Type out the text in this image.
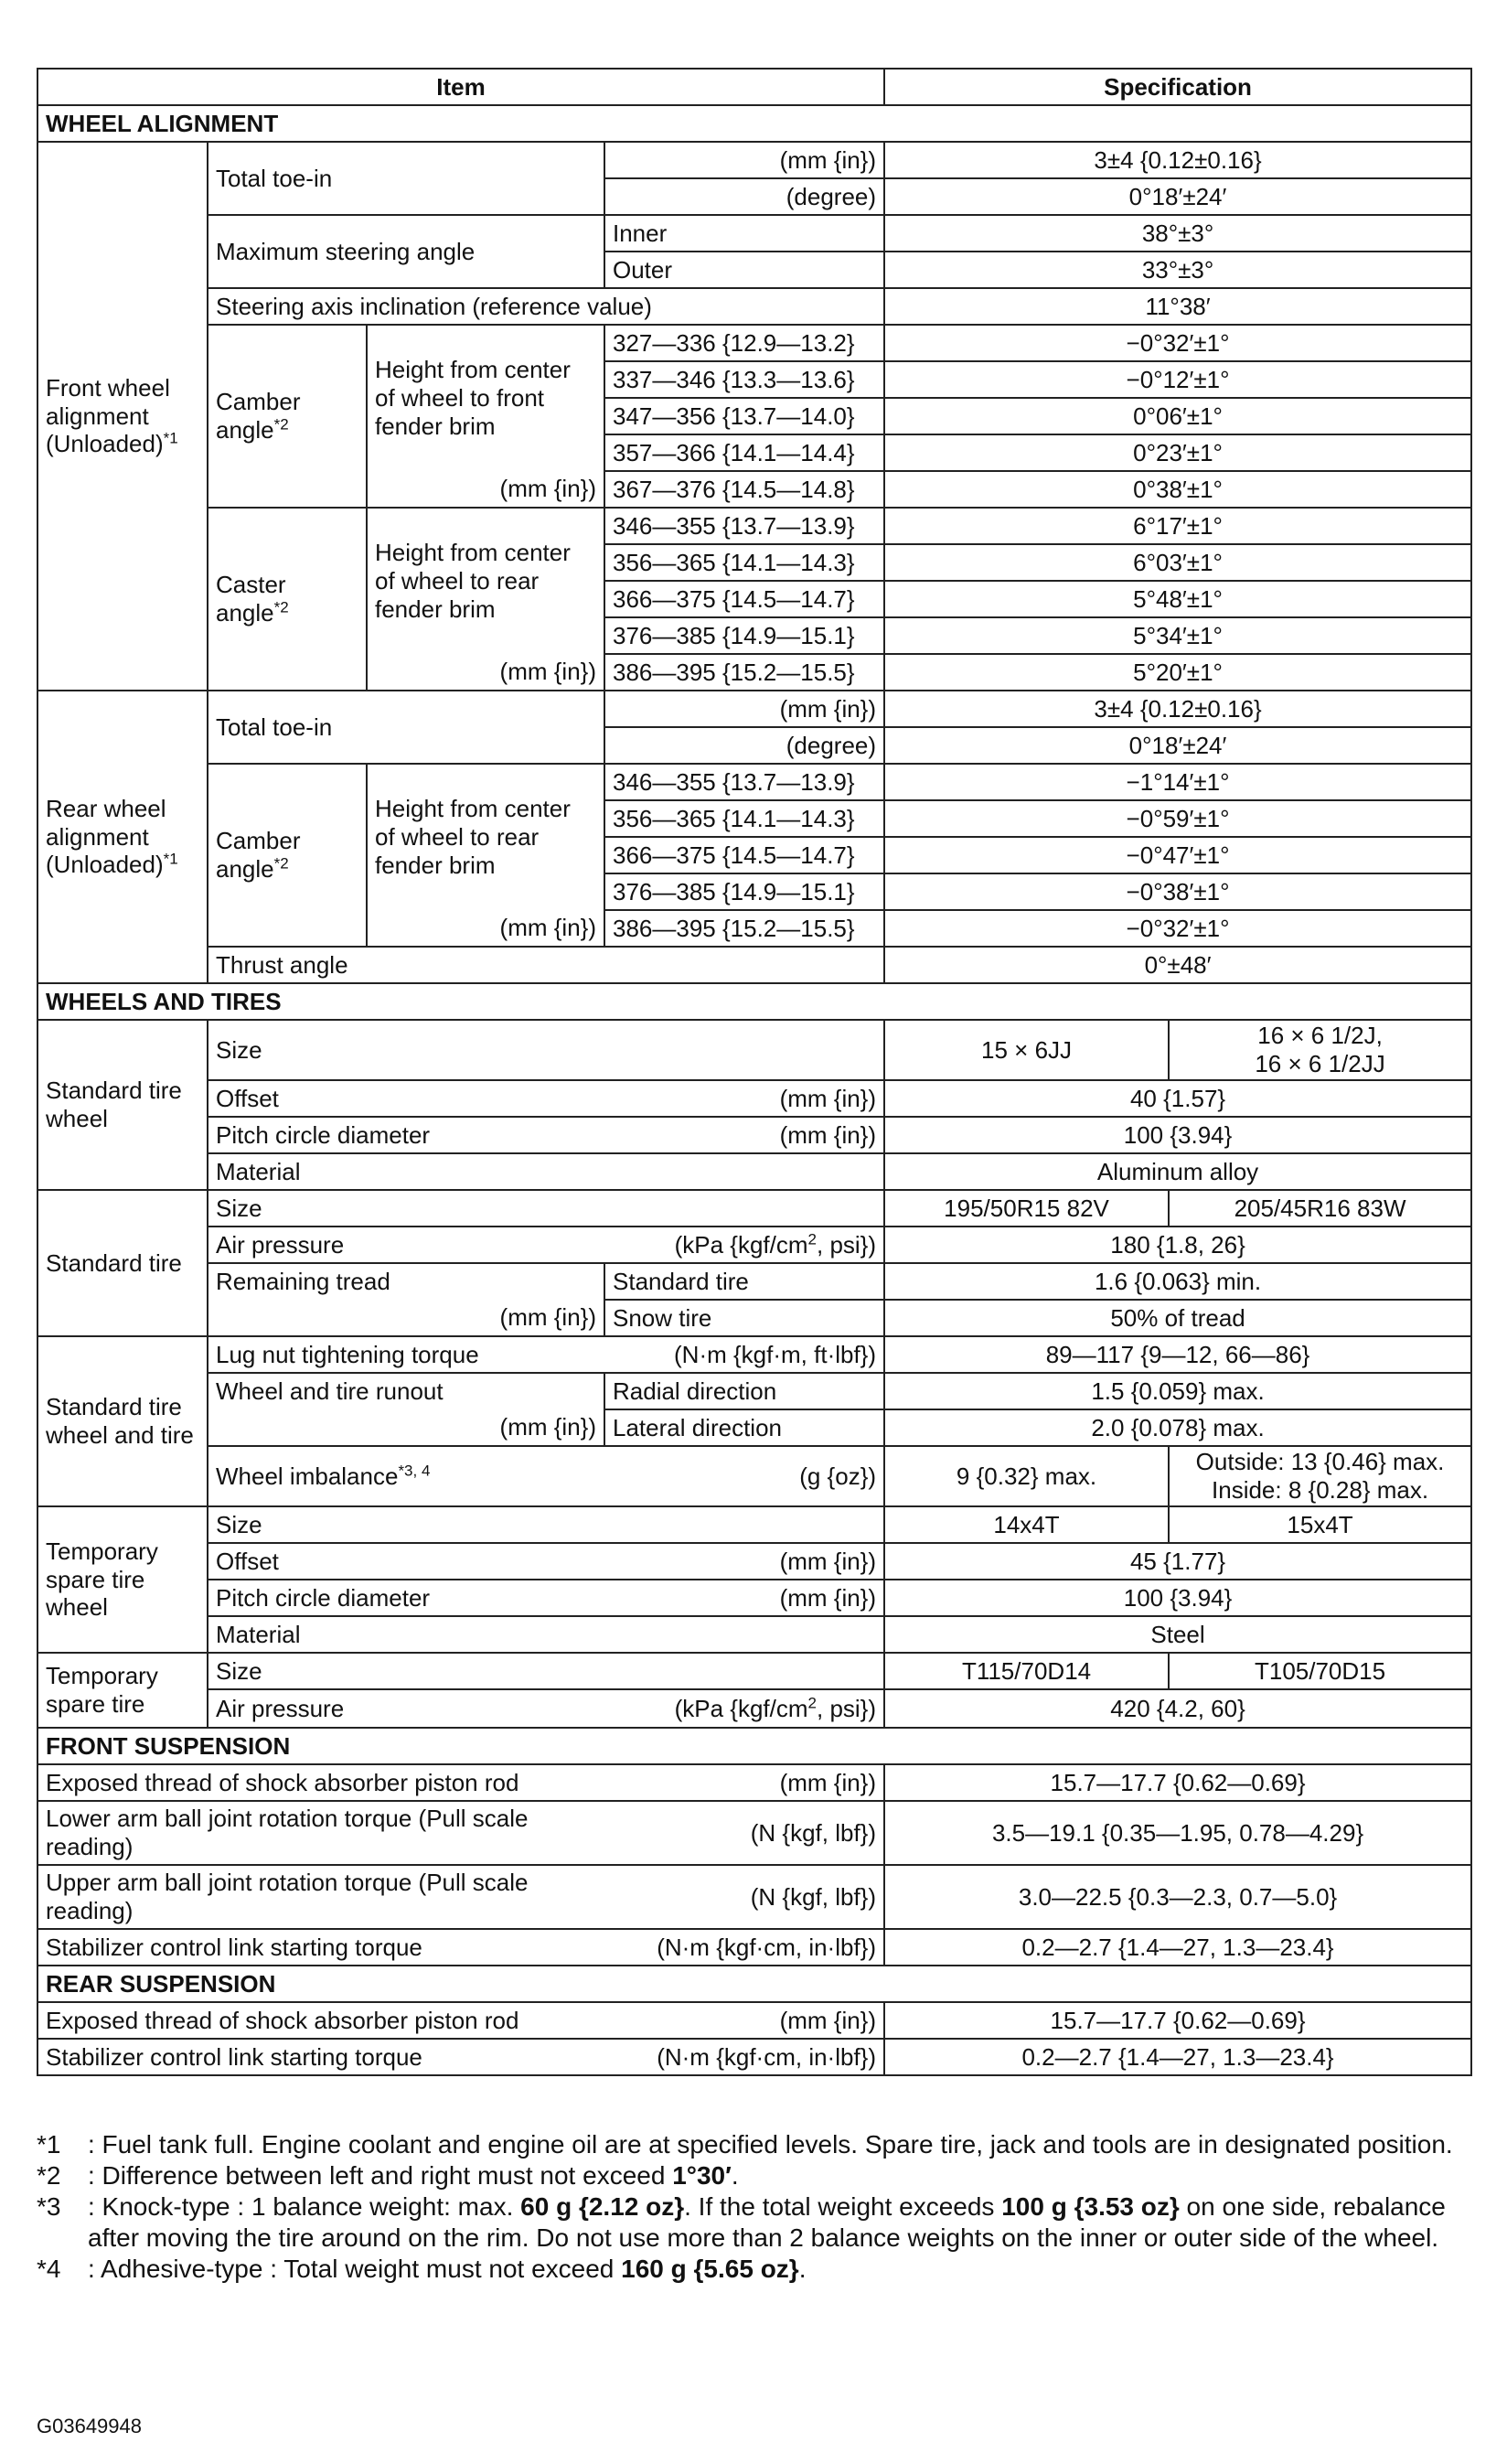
Item				Specification	
WHEEL ALIGNMENT					

Front wheel
alignment
(Unloaded)$^{*1}$	Total toe-in		(mm {in})	3±4 {0.12±0.16}	
			(degree)	0°18′±24′	
	Maximum steering angle		Inner	38°±3°	
			Outer	33°±3°	
	Steering axis inclination (reference value)			11°38′	

	Camber
angle$^{*2}$	Height from center
of wheel to front
fender brim	327—336 {12.9—13.2}	−0°32′±1°	
			337—346 {13.3—13.6}	−0°12′±1°	
			347—356 {13.7—14.0}	0°06′±1°	
			357—366 {14.1—14.4}	0°23′±1°	
		(mm {in})	367—376 {14.5—14.8}	0°38′±1°	

	Caster
angle$^{*2}$	Height from center
of wheel to rear
fender brim	346—355 {13.7—13.9}	6°17′±1°	
			356—365 {14.1—14.3}	6°03′±1°	
			366—375 {14.5—14.7}	5°48′±1°	
			376—385 {14.9—15.1}	5°34′±1°	
		(mm {in})	386—395 {15.2—15.5}	5°20′±1°	

Rear wheel
alignment
(Unloaded)$^{*1}$	Total toe-in		(mm {in})	3±4 {0.12±0.16}	
			(degree)	0°18′±24′	

	Camber
angle$^{*2}$	Height from center
of wheel to rear
fender brim	346—355 {13.7—13.9}	−1°14′±1°	
			356—365 {14.1—14.3}	−0°59′±1°	
			366—375 {14.5—14.7}	−0°47′±1°	
			376—385 {14.9—15.1}	−0°38′±1°	
		(mm {in})	386—395 {15.2—15.5}	−0°32′±1°	
	Thrust angle			0°±48′	
WHEELS AND TIRES					

Standard tire
wheel	Size			15 × 6JJ	16 × 6 1/2J,
16 × 6 1/2JJ

	Offset (mm {in})			40 {1.57}	

	Pitch circle diameter (mm {in})			100 {3.94}	
	Material			Aluminum alloy	
Standard tire	Size			195/50R15 82V	205/45R16 83W

	Air pressure (kPa {$kgf/cm^2$, psi})			180 {1.8, 26}	
	Remaining tread		Standard tire	1.6 {0.063} min.	
	(mm {in})		Snow tire	50% of tread	

Standard tire
wheel and tire	Lug nut tightening torque (N·m {kgf·m, ft·lbf})			89—117 {9—12, 66—86}	
	Wheel and tire runout		Radial direction	1.5 {0.059} max.	
	(mm {in})		Lateral direction	2.0 {0.078} max.	

	Wheel imbalance$^{*3, 4}$ (g {oz})			9 {0.32} max.	Outside: 13 {0.46} max.
Inside: 8 {0.28} max.

Temporary
spare tire
wheel	Size			14x4T	15x4T

	Offset (mm {in})			45 {1.77}	

	Pitch circle diameter (mm {in})			100 {3.94}	
	Material			Steel	

Temporary
spare tire	Size			T115/70D14	T105/70D15

	Air pressure (kPa {$kgf/cm^2$, psi})			420 {4.2, 60}	
FRONT SUSPENSION					

Exposed thread of shock absorber piston rod (mm {in})				15.7—17.7 {0.62—0.69}	

Lower arm ball joint rotation torque (Pull scale reading)
(N {kgf, lbf})				3.5—19.1 {0.35—1.95, 0.78—4.29}	

Upper arm ball joint rotation torque (Pull scale reading)
(N {kgf, lbf})				3.0—22.5 {0.3—2.3, 0.7—5.0}	

Stabilizer control link starting torque (N·m {kgf·cm, in·lbf})				0.2—2.7 {1.4—27, 1.3—23.4}	
REAR SUSPENSION					

Exposed thread of shock absorber piston rod (mm {in})				15.7—17.7 {0.62—0.69}	

Stabilizer control link starting torque (N·m {kgf·cm, in·lbf})				0.2—2.7 {1.4—27, 1.3—23.4}	
*1	: Fuel tank full. Engine coolant and engine oil are at specified levels. Spare tire, jack and tools are in designated position.
*2	: Difference between left and right must not exceed 1°30′.
*3	: Knock-type : 1 balance weight: max. 60 g {2.12 oz}. If the total weight exceeds 100 g {3.53 oz} on one side, rebalance after moving the tire around on the rim. Do not use more than 2 balance weights on the inner or outer side of the wheel.
*4	: Adhesive-type : Total weight must not exceed 160 g {5.65 oz}.
G03649948
